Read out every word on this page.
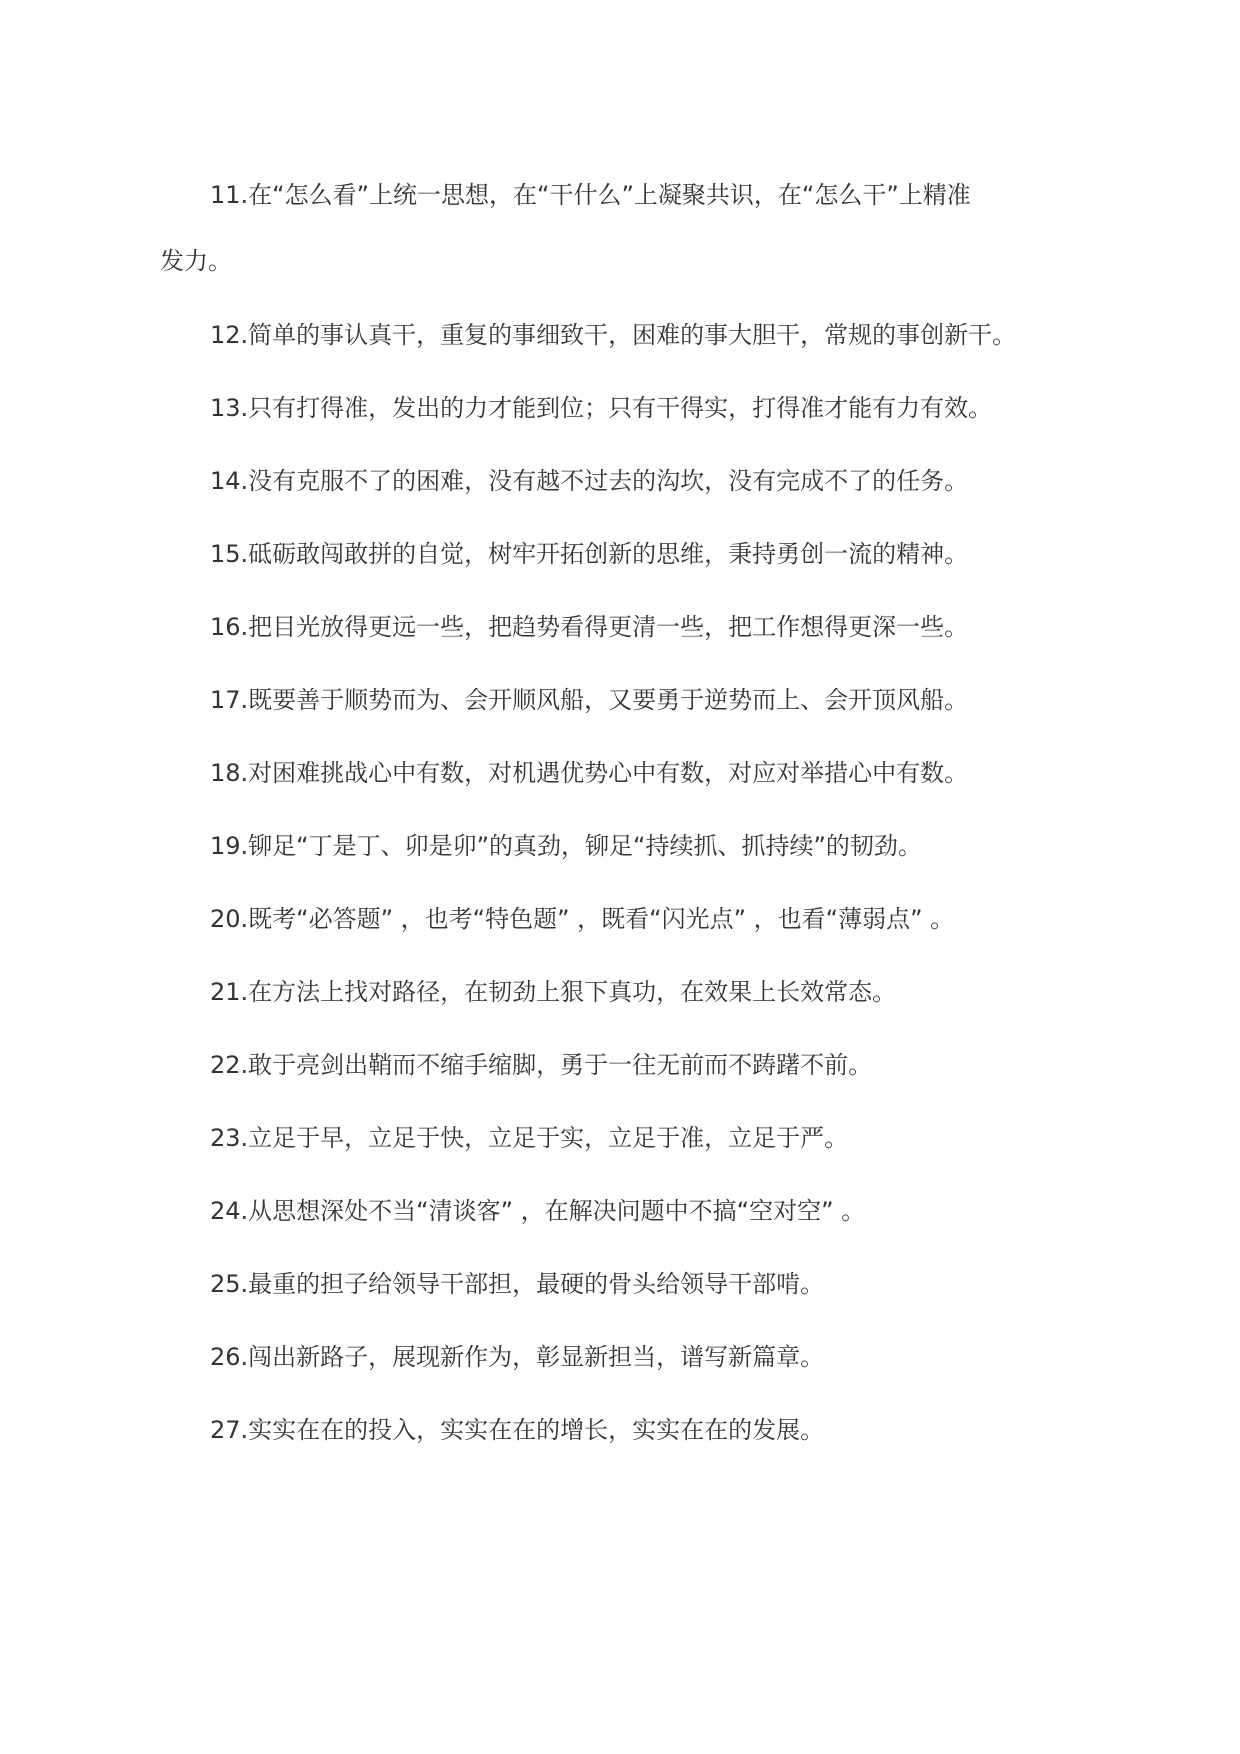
11.在“怎么看”上统一思想，在“干什么”上凝聚共识，在“怎么干”上精准

发力。

12.简单的事认真干，重复的事细致干，困难的事大胆干，常规的事创新干。

13.只有打得准，发出的力才能到位；只有干得实，打得准才能有力有效。

14.没有克服不了的困难，没有越不过去的沟坎，没有完成不了的任务。

15.砥砺敢闯敢拼的自觉，树牢开拓创新的思维，秉持勇创一流的精神。

16.把目光放得更远一些，把趋势看得更清一些，把工作想得更深一些。

17.既要善于顺势而为、会开顺风船，又要勇于逆势而上、会开顶风船。

18.对困难挑战心中有数，对机遇优势心中有数，对应对举措心中有数。

19.铆足“丁是丁、卯是卯”的真劲，铆足“持续抓、抓持续”的韧劲。

20.既考“必答题” ，也考“特色题” ，既看“闪光点” ，也看“薄弱点” 。

21.在方法上找对路径，在韧劲上狠下真功，在效果上长效常态。

22.敢于亮剑出鞘而不缩手缩脚，勇于一往无前而不踌躇不前。

23.立足于早，立足于快，立足于实，立足于准，立足于严。

24.从思想深处不当“清谈客” ，在解决问题中不搞“空对空” 。

25.最重的担子给领导干部担，最硬的骨头给领导干部啃。

26.闯出新路子，展现新作为，彰显新担当，谱写新篇章。

27.实实在在的投入，实实在在的增长，实实在在的发展。
